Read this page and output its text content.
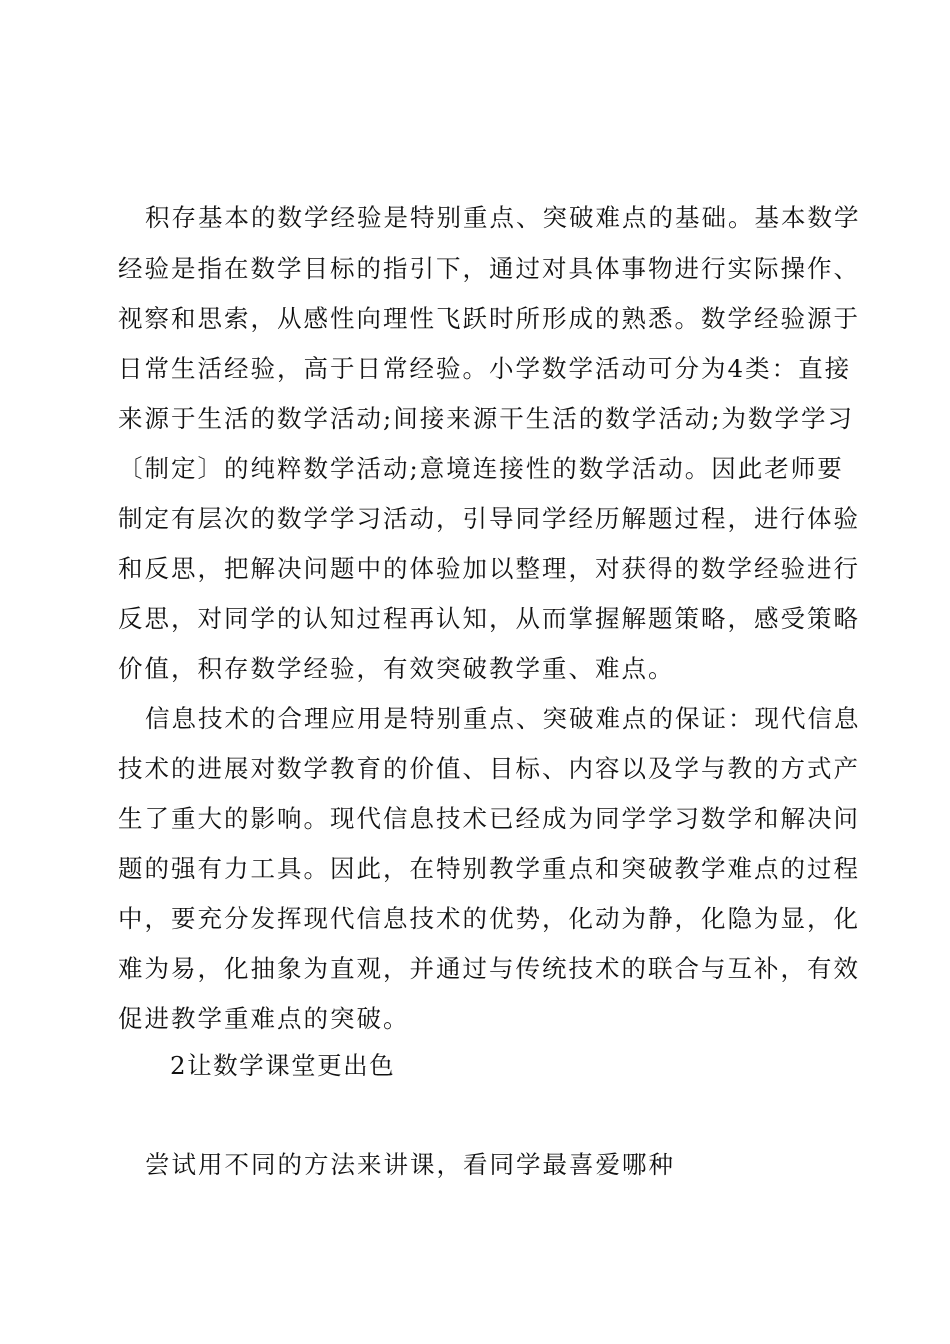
积存基本的数学经验是特别重点、突破难点的基础。基本数学
经验是指在数学目标的指引下，通过对具体事物进行实际操作、
视察和思索，从感性向理性飞跃时所形成的熟悉。数学经验源于
日常生活经验，高于日常经验。小学数学活动可分为4类：直接
来源于生活的数学活动;间接来源干生活的数学活动;为数学学习
〔制定〕的纯粹数学活动;意境连接性的数学活动。因此老师要
制定有层次的数学学习活动，引导同学经历解题过程，进行体验
和反思，把解决问题中的体验加以整理，对获得的数学经验进行
反思，对同学的认知过程再认知，从而掌握解题策略，感受策略
价值，积存数学经验，有效突破教学重、难点。
信息技术的合理应用是特别重点、突破难点的保证：现代信息
技术的进展对数学教育的价值、目标、内容以及学与教的方式产
生了重大的影响。现代信息技术已经成为同学学习数学和解决问
题的强有力工具。因此，在特别教学重点和突破教学难点的过程
中，要充分发挥现代信息技术的优势，化动为静，化隐为显，化
难为易，化抽象为直观，并通过与传统技术的联合与互补，有效
促进教学重难点的突破。
2让数学课堂更出色
尝试用不同的方法来讲课，看同学最喜爱哪种
